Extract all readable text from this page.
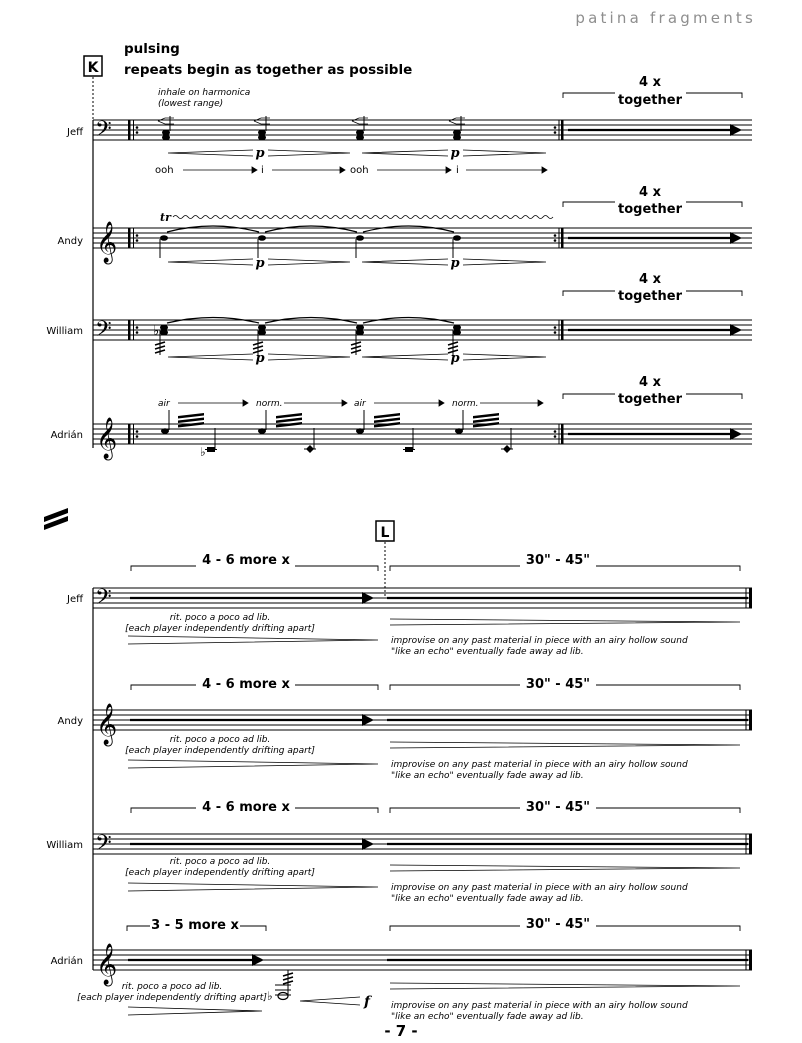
patina fragments
K
pulsing
repeats begin as together as possible
Jeff 𝄢
inhale on harmonica
(lowest range)
p	p
ooh	i	ooh	i
4 x
together
Andy 𝄞
tr
p	p
4 x
together
William 𝄢	♭
p	p
4 x
together
Adrián 𝄞
air	norm.	air	norm.
♭
4 x
together
L
Jeff 𝄢
4 - 6 more x	30" - 45"
rit. poco a poco ad lib.
[each player independently drifting apart]
improvise on any past material in piece with an airy hollow sound
"like an echo" eventually fade away ad lib.
Andy 𝄞
4 - 6 more x	30" - 45"
rit. poco a poco ad lib.
[each player independently drifting apart]
improvise on any past material in piece with an airy hollow sound
"like an echo" eventually fade away ad lib.
William 𝄢
4 - 6 more x	30" - 45"
rit. poco a poco ad lib.
[each player independently drifting apart]
improvise on any past material in piece with an airy hollow sound
"like an echo" eventually fade away ad lib.
Adrián 𝄞
3 - 5 more x
♭	f
30" - 45"
rit. poco a poco ad lib.
[each player independently drifting apart]
improvise on any past material in piece with an airy hollow sound
"like an echo" eventually fade away ad lib.
- 7 -
